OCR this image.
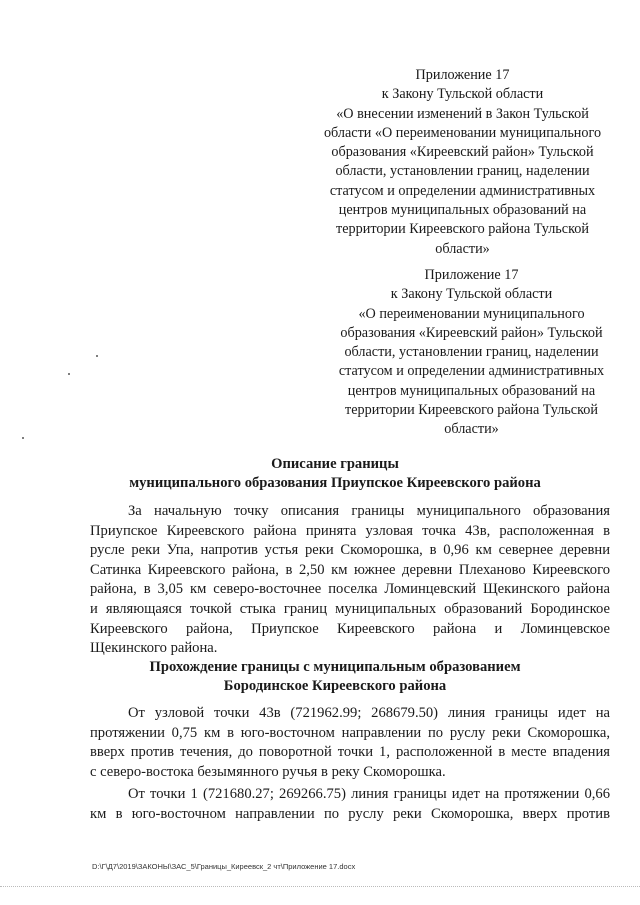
Приложение 17
к Закону Тульской области
«О внесении изменений в Закон Тульской
области «О переименовании муниципального
образования «Киреевский район» Тульской
области, установлении границ, наделении
статусом и определении административных
центров муниципальных образований на
территории Киреевского района Тульской
области»
Приложение 17
к Закону Тульской области
«О переименовании муниципального
образования «Киреевский район» Тульской
области, установлении границ, наделении
статусом и определении административных
центров муниципальных образований на
территории Киреевского района Тульской
области»
Описание границы
муниципального образования Приупское Киреевского района
За начальную точку описания границы муниципального образования
Приупское Киреевского района принята узловая точка 43в, расположенная в
русле реки Упа, напротив устья реки Скоморошка, в 0,96 км севернее деревни
Сатинка Киреевского района, в 2,50 км южнее деревни Плеханово Киреевского
района, в 3,05 км северо-восточнее поселка Ломинцевский Щекинского района
и являющаяся точкой стыка границ муниципальных образований Бородинское
Киреевского района, Приупское Киреевского района и Ломинцевское
Щекинского района.
Прохождение границы с муниципальным образованием
Бородинское Киреевского района
От узловой точки 43в (721962.99; 268679.50) линия границы идет на
протяжении 0,75 км в юго-восточном направлении по руслу реки Скоморошка,
вверх против течения, до поворотной точки 1, расположенной в месте впадения
с северо-востока безымянного ручья в реку Скоморошка.
От точки 1 (721680.27; 269266.75) линия границы идет на протяжении 0,66
км в юго-восточном направлении по руслу реки Скоморошка, вверх против
D:\Г\Д7\2019\ЗАКОНЫ\ЗАС_5\Границы_Киреевск_2 чт\Приложение 17.docx
